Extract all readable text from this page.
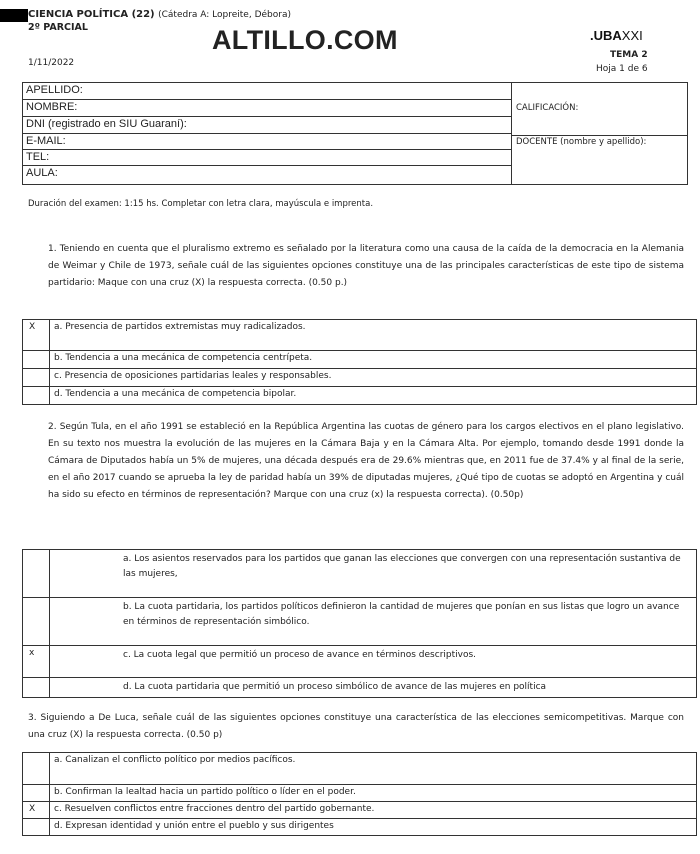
CIENCIA POLÍTICA (22) (Cátedra A: Lopreite, Débora)
2º PARCIAL	ALTILLO.COM	.UBAXXI
1/11/2022
TEMA 2
Hoja 1 de 6
APELLIDO:
NOMBRE:
DNI (registrado en SIU Guaraní):
E-MAIL:
TEL:
AULA:
CALIFICACIÓN:
DOCENTE (nombre y apellido):
Duración del examen: 1:15 hs. Completar con letra clara, mayúscula e imprenta.
1. Teniendo en cuenta que el pluralismo extremo es señalado por la literatura como una causa de la caída de la democracia en la Alemania de Weimar y Chile de 1973, señale cuál de las siguientes opciones constituye una de las principales características de este tipo de sistema partidario: Maque con una cruz (X) la respuesta correcta. (0.50 p.)
X	a. Presencia de partidos extremistas muy radicalizados.
	b. Tendencia a una mecánica de competencia centrípeta.
	c. Presencia de oposiciones partidarias leales y responsables.
	d. Tendencia a una mecánica de competencia bipolar.
2. Según Tula, en el año 1991 se estableció en la República Argentina las cuotas de género para los cargos electivos en el plano legislativo. En su texto nos muestra la evolución de las mujeres en la Cámara Baja y en la Cámara Alta. Por ejemplo, tomando desde 1991 donde la Cámara de Diputados había un 5% de mujeres, una década después era de 29.6% mientras que, en 2011 fue de 37.4% y al final de la serie, en el año 2017 cuando se aprueba la ley de paridad había un 39% de diputadas mujeres, ¿Qué tipo de cuotas se adoptó en Argentina y cuál ha sido su efecto en términos de representación? Marque con una cruz (x) la respuesta correcta). (0.50p)
	a. Los asientos reservados para los partidos que ganan las elecciones que convergen con una representación sustantiva de las mujeres,
	b. La cuota partidaria, los partidos políticos definieron la cantidad de mujeres que ponían en sus listas que logro un avance en términos de representación simbólico.
x	c. La cuota legal que permitió un proceso de avance en términos descriptivos.
	d. La cuota partidaria que permitió un proceso simbólico de avance de las mujeres en política
3. Siguiendo a De Luca, señale cuál de las siguientes opciones constituye una característica de las elecciones semicompetitivas. Marque con una cruz (X) la respuesta correcta. (0.50 p)
	a. Canalizan el conflicto político por medios pacíficos.
	b. Confirman la lealtad hacia un partido político o líder en el poder.
X	c. Resuelven conflictos entre fracciones dentro del partido gobernante.
	d. Expresan identidad y unión entre el pueblo y sus dirigentes
